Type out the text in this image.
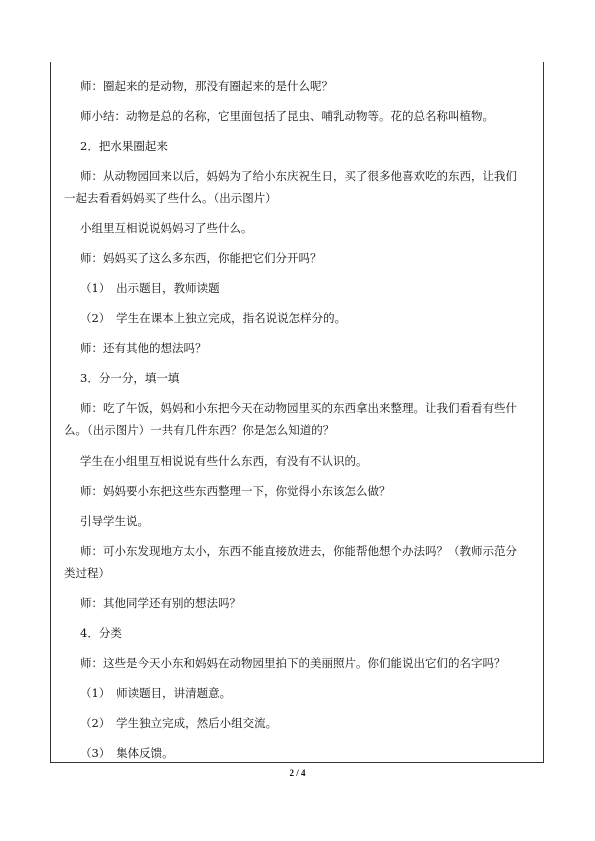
师：圈起来的是动物，那没有圈起来的是什么呢？
师小结：动物是总的名称，它里面包括了昆虫、哺乳动物等。花的总名称叫植物。
2．把水果圈起来
师：从动物园回来以后，妈妈为了给小东庆祝生日，买了很多他喜欢吃的东西，让我们
一起去看看妈妈买了些什么。（出示图片）
小组里互相说说妈妈习了些什么。
师：妈妈买了这么多东西，你能把它们分开吗？
（1）　出示题目，教师读题
（2）　学生在课本上独立完成，指名说说怎样分的。
师：还有其他的想法吗？
3．分一分，填一填
师：吃了午饭，妈妈和小东把今天在动物园里买的东西拿出来整理。让我们看看有些什
么。（出示图片）一共有几件东西？你是怎么知道的？
学生在小组里互相说说有些什么东西，有没有不认识的。
师：妈妈要小东把这些东西整理一下，你觉得小东该怎么做？
引导学生说。
师：可小东发现地方太小，东西不能直接放进去，你能帮他想个办法吗？（教师示范分
类过程）
师：其他同学还有别的想法吗？
4．分类
师：这些是今天小东和妈妈在动物园里拍下的美丽照片。你们能说出它们的名字吗？
（1）　师读题目，讲清题意。
（2）　学生独立完成，然后小组交流。
（3）　集体反馈。
2 / 4
